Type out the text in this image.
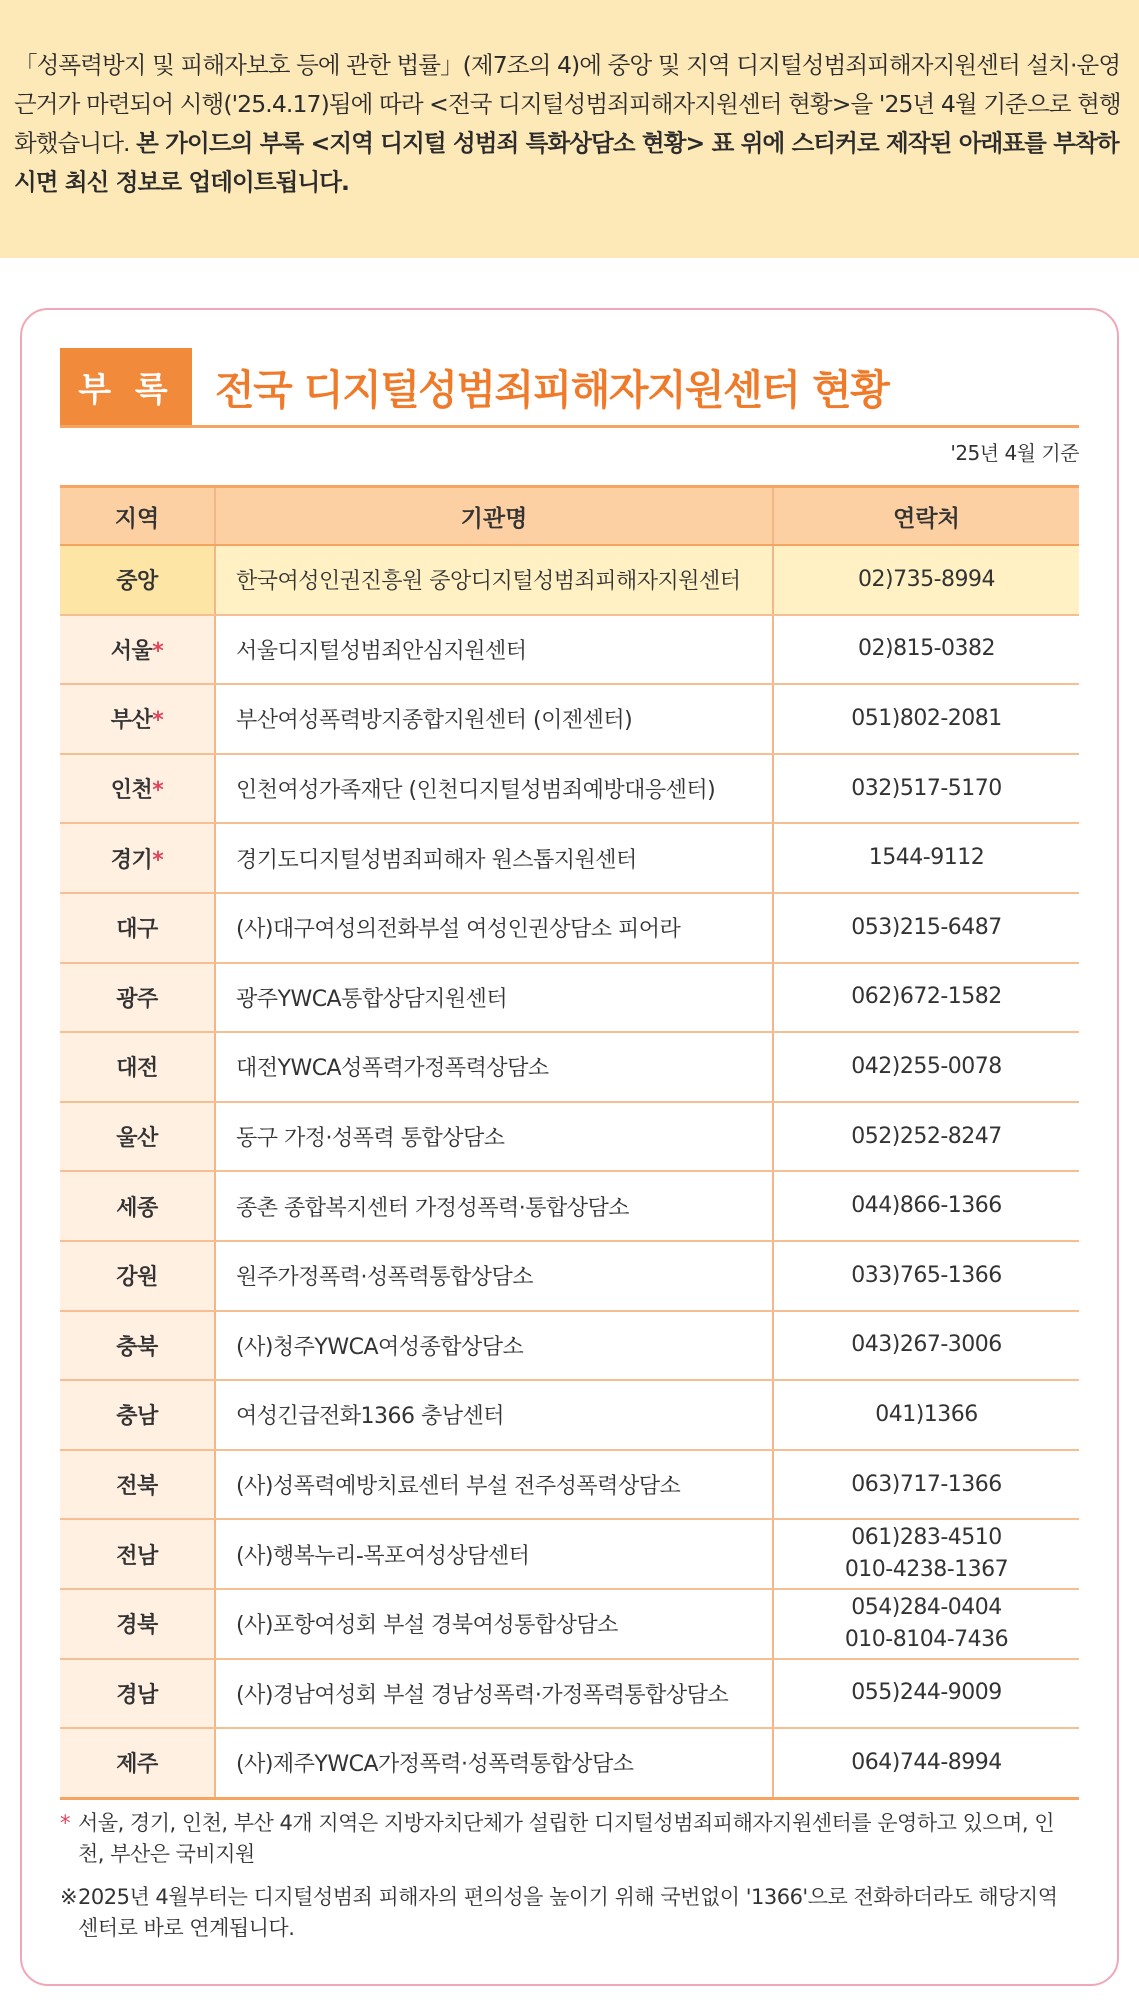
「성폭력방지 및 피해자보호 등에 관한 법률」(제7조의 4)에 중앙 및 지역 디지털성범죄피해자지원센터 설치·운영 근거가 마련되어 시행('25.4.17)됨에 따라 <전국 디지털성범죄피해자지원센터 현황>을 '25년 4월 기준으로 현행화했습니다. 본 가이드의 부록 <지역 디지털 성범죄 특화상담소 현황> 표 위에 스티커로 제작된 아래표를 부착하시면 최신 정보로 업데이트됩니다.

부 록	전국 디지털성범죄피해자지원센터 현황
'25년 4월 기준
지역	기관명	연락처
중앙	한국여성인권진흥원 중앙디지털성범죄피해자지원센터	02)735-8994

서울*	서울디지털성범죄안심지원센터	02)815-0382

부산*	부산여성폭력방지종합지원센터 (이젠센터)	051)802-2081

인천*	인천여성가족재단 (인천디지털성범죄예방대응센터)	032)517-5170

경기*	경기도디지털성범죄피해자 원스톱지원센터	1544-9112

대구	(사)대구여성의전화부설 여성인권상담소 피어라	053)215-6487

광주	광주YWCA통합상담지원센터	062)672-1582

대전	대전YWCA성폭력가정폭력상담소	042)255-0078

울산	동구 가정·성폭력 통합상담소	052)252-8247

세종	종촌 종합복지센터 가정성폭력·통합상담소	044)866-1366

강원	원주가정폭력·성폭력통합상담소	033)765-1366

충북	(사)청주YWCA여성종합상담소	043)267-3006

충남	여성긴급전화1366 충남센터	041)1366

전북	(사)성폭력예방치료센터 부설 전주성폭력상담소	063)717-1366

전남	(사)행복누리-목포여성상담센터	061)283-4510
010-4238-1367

경북	(사)포항여성회 부설 경북여성통합상담소	054)284-0404
010-8104-7436

경남	(사)경남여성회 부설 경남성폭력·가정폭력통합상담소	055)244-9009

제주	(사)제주YWCA가정폭력·성폭력통합상담소	064)744-8994
* 서울, 경기, 인천, 부산 4개 지역은 지방자치단체가 설립한 디지털성범죄피해자지원센터를 운영하고 있으며, 인천, 부산은 국비지원
※ 2025년 4월부터는 디지털성범죄 피해자의 편의성을 높이기 위해 국번없이 '1366'으로 전화하더라도 해당지역 센터로 바로 연계됩니다.
